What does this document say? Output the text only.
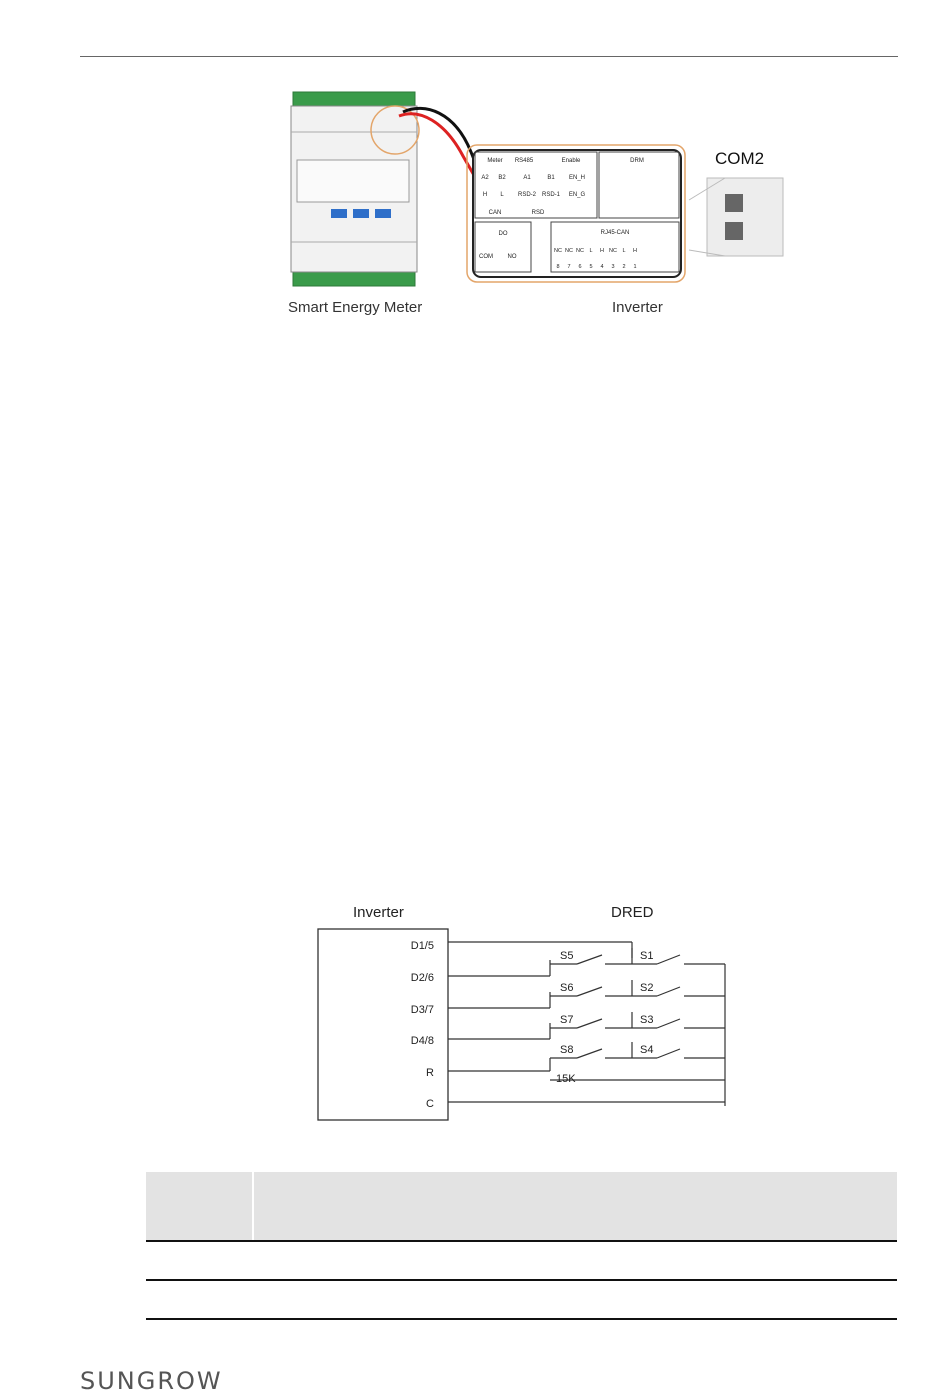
COM2
Smart Energy Meter	Inverter
Meter RS485	Enable	DRM
A2 B2	A1	B1 EN_H
H L RSD-2 RSD-1 EN_G
CAN	RSD
DO
COM NO
RJ45-CAN
NC NC NC L H NC L H
8 7 6 5 4 3 2 1
Inverter	DRED
D1/5
D2/6
D3/7
D4/8
R
C
S5	S1
S6	S2
S7	S3
S8	S4
15K
SUNGROW
